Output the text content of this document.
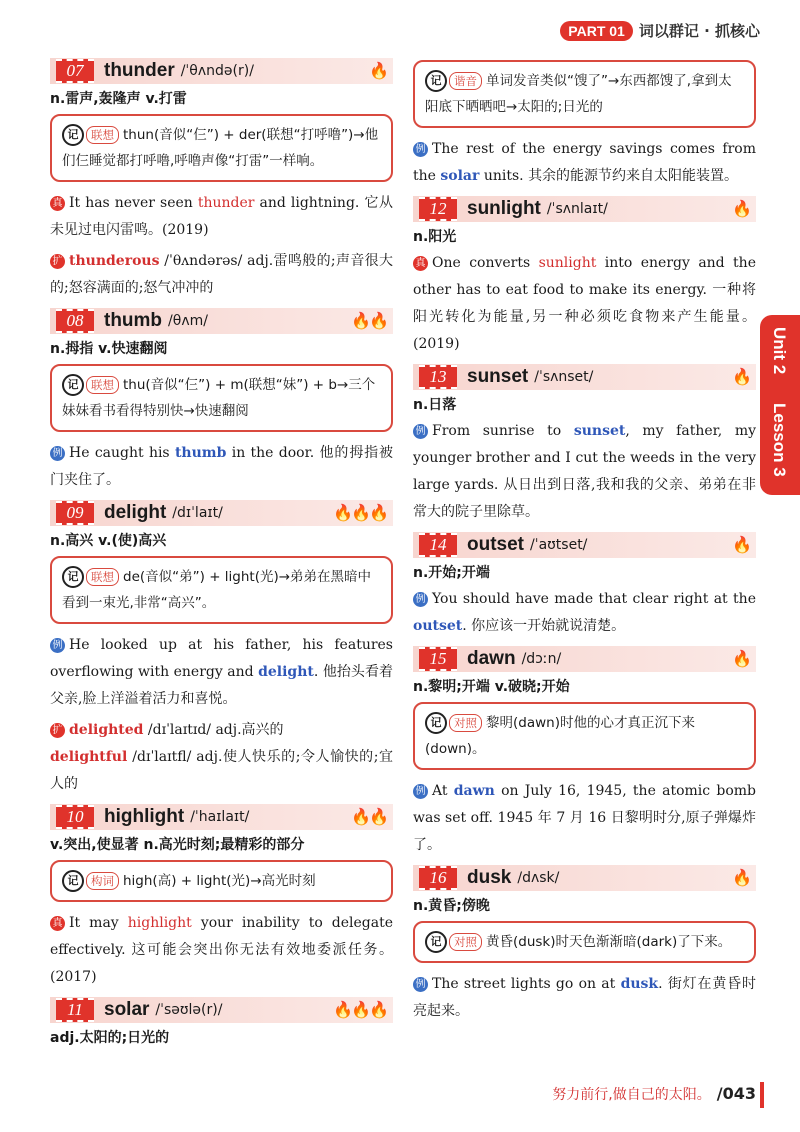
PART 01 词以群记 · 抓核心
Unit 2
Lesson 3
07	thunder /ˈθʌndə(r)/	🔥
n.雷声,轰隆声 v.打雷
记 联想 thun(音似“仨”) + der(联想“打呼噜”)→他们仨睡觉都打呼噜,呼噜声像“打雷”一样响。
真 It has never seen thunder and lightning. 它从未见过电闪雷鸣。(2019)
扩 thunderous /ˈθʌndərəs/ adj.雷鸣般的;声音很大的;怒容满面的;怒气冲冲的
08	thumb /θʌm/	🔥🔥
n.拇指 v.快速翻阅
记 联想 thu(音似“仨”) + m(联想“妹”) + b→三个妹妹看书看得特别快→快速翻阅
例 He caught his thumb in the door. 他的拇指被门夹住了。
09	delight /dɪˈlaɪt/	🔥🔥🔥
n.高兴 v.(使)高兴
记 联想 de(音似“弟”) + light(光)→弟弟在黑暗中看到一束光,非常“高兴”。
例 He looked up at his father, his features overflowing with energy and delight. 他抬头看着父亲,脸上洋溢着活力和喜悦。
扩 delighted /dɪˈlaɪtɪd/ adj.高兴的
delightful /dɪˈlaɪtfl/ adj.使人快乐的;令人愉快的;宜人的
10	highlight /ˈhaɪlaɪt/	🔥🔥
v.突出,使显著 n.高光时刻;最精彩的部分
记 构词 high(高) + light(光)→高光时刻
真 It may highlight your inability to delegate effectively. 这可能会突出你无法有效地委派任务。(2017)
11	solar /ˈsəʊlə(r)/	🔥🔥🔥
adj.太阳的;日光的
记 谐音 单词发音类似“馊了”→东西都馊了,拿到太阳底下晒晒吧→太阳的;日光的
例 The rest of the energy savings comes from the solar units. 其余的能源节约来自太阳能装置。
12	sunlight /ˈsʌnlaɪt/	🔥
n.阳光
真 One converts sunlight into energy and the other has to eat food to make its energy. 一种将阳光转化为能量,另一种必须吃食物来产生能量。(2019)
13	sunset /ˈsʌnset/	🔥
n.日落
例 From sunrise to sunset, my father, my younger brother and I cut the weeds in the very large yards. 从日出到日落,我和我的父亲、弟弟在非常大的院子里除草。
14	outset /ˈaʊtset/	🔥
n.开始;开端
例 You should have made that clear right at the outset. 你应该一开始就说清楚。
15	dawn /dɔːn/	🔥
n.黎明;开端 v.破晓;开始
记 对照 黎明(dawn)时他的心才真正沉下来(down)。
例 At dawn on July 16, 1945, the atomic bomb was set off. 1945 年 7 月 16 日黎明时分,原子弹爆炸了。
16	dusk /dʌsk/	🔥
n.黄昏;傍晚
记 对照 黄昏(dusk)时天色渐渐暗(dark)了下来。
例 The street lights go on at dusk. 街灯在黄昏时亮起来。
努力前行,做自己的太阳。 /043
